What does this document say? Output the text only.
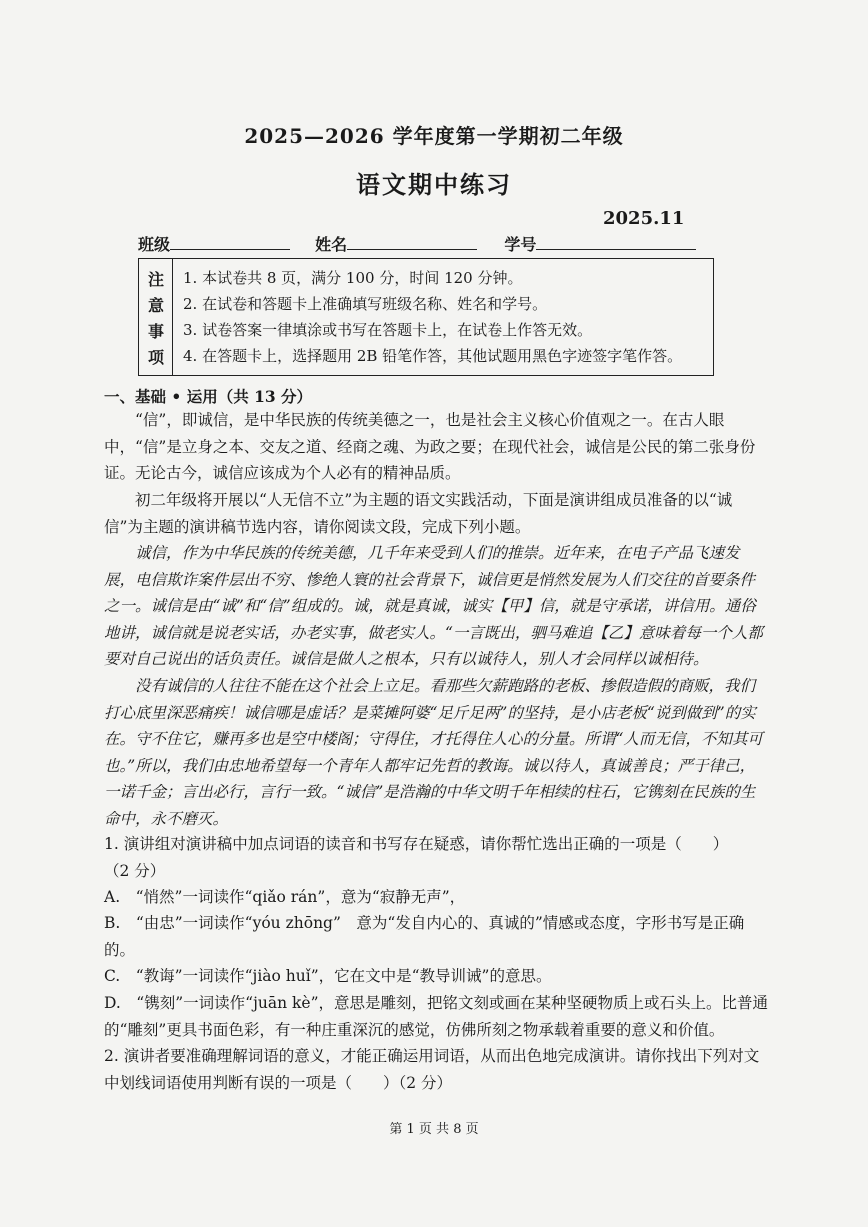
2025—2026 学年度第一学期初二年级
语文期中练习
2025.11
班级	姓名	学号
注
意
事
项
1. 本试卷共 8 页，满分 100 分，时间 120 分钟。
2. 在试卷和答题卡上准确填写班级名称、姓名和学号。
3. 试卷答案一律填涂或书写在答题卡上，在试卷上作答无效。
4. 在答题卡上，选择题用 2B 铅笔作答，其他试题用黑色字迹签字笔作答。
一、基础 • 运用（共 13 分）
“信”，即诚信，是中华民族的传统美德之一，也是社会主义核心价值观之一。在古人眼中，“信”是立身之本、交友之道、经商之魂、为政之要；在现代社会，诚信是公民的第二张身份证。无论古今，诚信应该成为个人必有的精神品质。
初二年级将开展以“人无信不立”为主题的语文实践活动，下面是演讲组成员准备的以“诚信”为主题的演讲稿节选内容，请你阅读文段，完成下列小题。
诚信，作为中华民族的传统美德，几千年来受到人们的推崇。近年来，在电子产品飞速发展，电信欺诈案件层出不穷、惨绝人寰的社会背景下，诚信更是悄然发展为人们交往的首要条件之一。诚信是由“诚”和“信”组成的。诚，就是真诚，诚实【甲】信，就是守承诺，讲信用。通俗地讲，诚信就是说老实话，办老实事，做老实人。“一言既出，驷马难追【乙】意味着每一个人都要对自己说出的话负责任。诚信是做人之根本，只有以诚待人，别人才会同样以诚相待。
没有诚信的人往往不能在这个社会上立足。看那些欠薪跑路的老板、掺假造假的商贩，我们打心底里深恶痛疾！诚信哪是虚话？是菜摊阿婆“足斤足两”的坚持，是小店老板“说到做到”的实在。守不住它，赚再多也是空中楼阁；守得住，才托得住人心的分量。所谓“人而无信，不知其可也。”所以，我们由忠地希望每一个青年人都牢记先哲的教诲。诚以待人，真诚善良；严于律己，一诺千金；言出必行，言行一致。“诚信”是浩瀚的中华文明千年相续的柱石，它镌刻在民族的生命中，永不磨灭。
1. 演讲组对演讲稿中加点词语的读音和书写存在疑惑，请你帮忙选出正确的一项是（　　）
（2 分）
A.　“悄然”一词读作“qiǎo rán”，意为“寂静无声”，
B.　“由忠”一词读作“yóu zhōng”　意为“发自内心的、真诚的”情感或态度，字形书写是正确的。
C.　“教诲”一词读作“jiào huǐ”，它在文中是“教导训诫”的意思。
D.　“镌刻”一词读作“juān kè”，意思是雕刻，把铭文刻或画在某种坚硬物质上或石头上。比普通的“雕刻”更具书面色彩，有一种庄重深沉的感觉，仿佛所刻之物承载着重要的意义和价值。
2. 演讲者要准确理解词语的意义，才能正确运用词语，从而出色地完成演讲。请你找出下列对文中划线词语使用判断有误的一项是（　　）（2 分）
第 1 页 共 8 页
